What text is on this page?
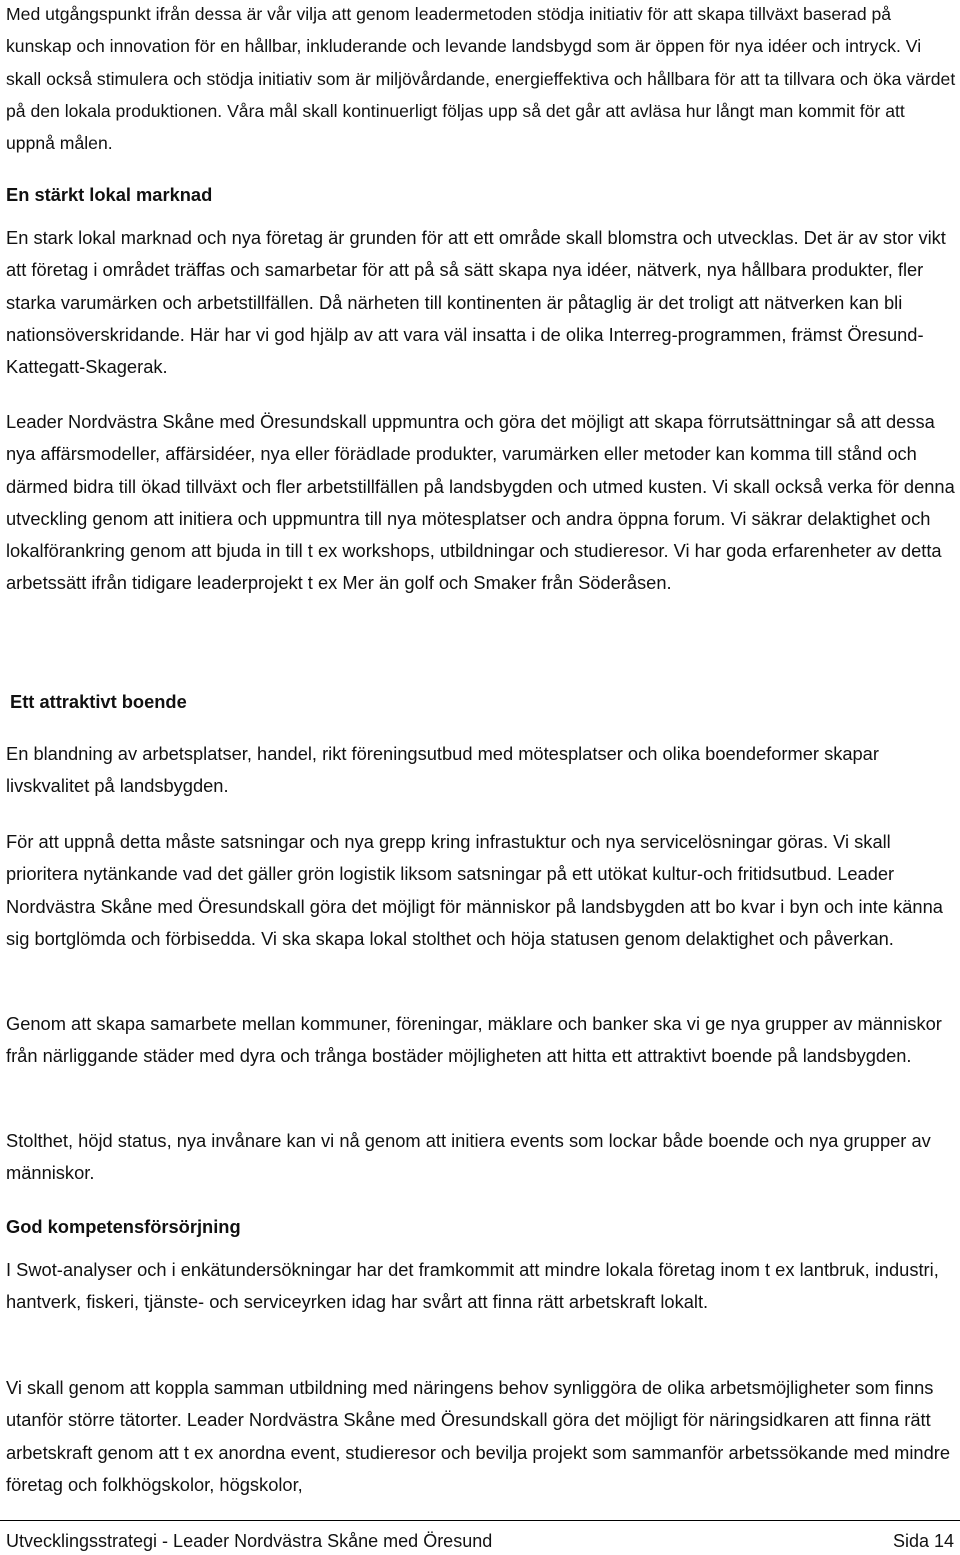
Med utgångspunkt ifrån dessa är vår vilja att genom leadermetoden stödja initiativ för att skapa tillväxt baserad på kunskap och innovation för en hållbar, inkluderande och levande landsbygd som är öppen för nya idéer och intryck. Vi skall också stimulera och stödja initiativ som är miljövårdande, energieffektiva och hållbara för att ta tillvara och öka värdet på den lokala produktionen. Våra mål skall kontinuerligt följas upp så det går att avläsa hur långt man kommit för att uppnå målen.

En stärkt lokal marknad

En stark lokal marknad och nya företag är grunden för att ett område skall blomstra och utvecklas. Det är av stor vikt att företag i området träffas och samarbetar för att på så sätt skapa nya idéer, nätverk, nya hållbara produkter, fler starka varumärken och arbetstillfällen. Då närheten till kontinenten är påtaglig är det troligt att nätverken kan bli nationsöverskridande. Här har vi god hjälp av att vara väl insatta i de olika Interreg-programmen, främst Öresund-Kattegatt-Skagerak.

Leader Nordvästra Skåne med Öresundskall uppmuntra och göra det möjligt att skapa förrutsättningar så att dessa nya affärsmodeller, affärsidéer, nya eller förädlade produkter, varumärken eller metoder kan komma till stånd och därmed bidra till ökad tillväxt och fler arbetstillfällen på landsbygden och utmed kusten. Vi skall också verka för denna utveckling genom att initiera och uppmuntra till nya mötesplatser och andra öppna forum. Vi säkrar delaktighet och lokalförankring genom att bjuda in till t ex workshops, utbildningar och studieresor. Vi har goda erfarenheter av detta arbetssätt ifrån tidigare leaderprojekt t ex Mer än golf och Smaker från Söderåsen.

Ett attraktivt boende

En blandning av arbetsplatser, handel, rikt föreningsutbud med mötesplatser och olika boendeformer skapar livskvalitet på landsbygden.

För att uppnå detta måste satsningar och nya grepp kring infrastuktur och nya servicelösningar göras. Vi skall prioritera nytänkande vad det gäller grön logistik liksom satsningar på ett utökat kultur-och fritidsutbud. Leader Nordvästra Skåne med Öresundskall göra det möjligt för människor på landsbygden att bo kvar i byn och inte känna sig bortglömda och förbisedda. Vi ska skapa lokal stolthet och höja statusen genom delaktighet och påverkan.

Genom att skapa samarbete mellan kommuner, föreningar, mäklare och banker ska vi ge nya grupper av människor från närliggande städer med dyra och trånga bostäder möjligheten att hitta ett attraktivt boende på landsbygden.

Stolthet, höjd status, nya invånare kan vi nå genom att initiera events som lockar både boende och nya grupper av människor.

God kompetensförsörjning

I Swot-analyser och i enkätundersökningar har det framkommit att mindre lokala företag inom t ex lantbruk, industri, hantverk, fiskeri, tjänste- och serviceyrken idag har svårt att finna rätt arbetskraft lokalt.

Vi skall genom att koppla samman utbildning med näringens behov synliggöra de olika arbetsmöjligheter som finns utanför större tätorter. Leader Nordvästra Skåne med Öresundskall göra det möjligt för näringsidkaren att finna rätt arbetskraft genom att t ex anordna event, studieresor och bevilja projekt som sammanför arbetssökande med mindre företag och folkhögskolor, högskolor,

Utvecklingsstrategi - Leader Nordvästra Skåne med Öresund	Sida 14
